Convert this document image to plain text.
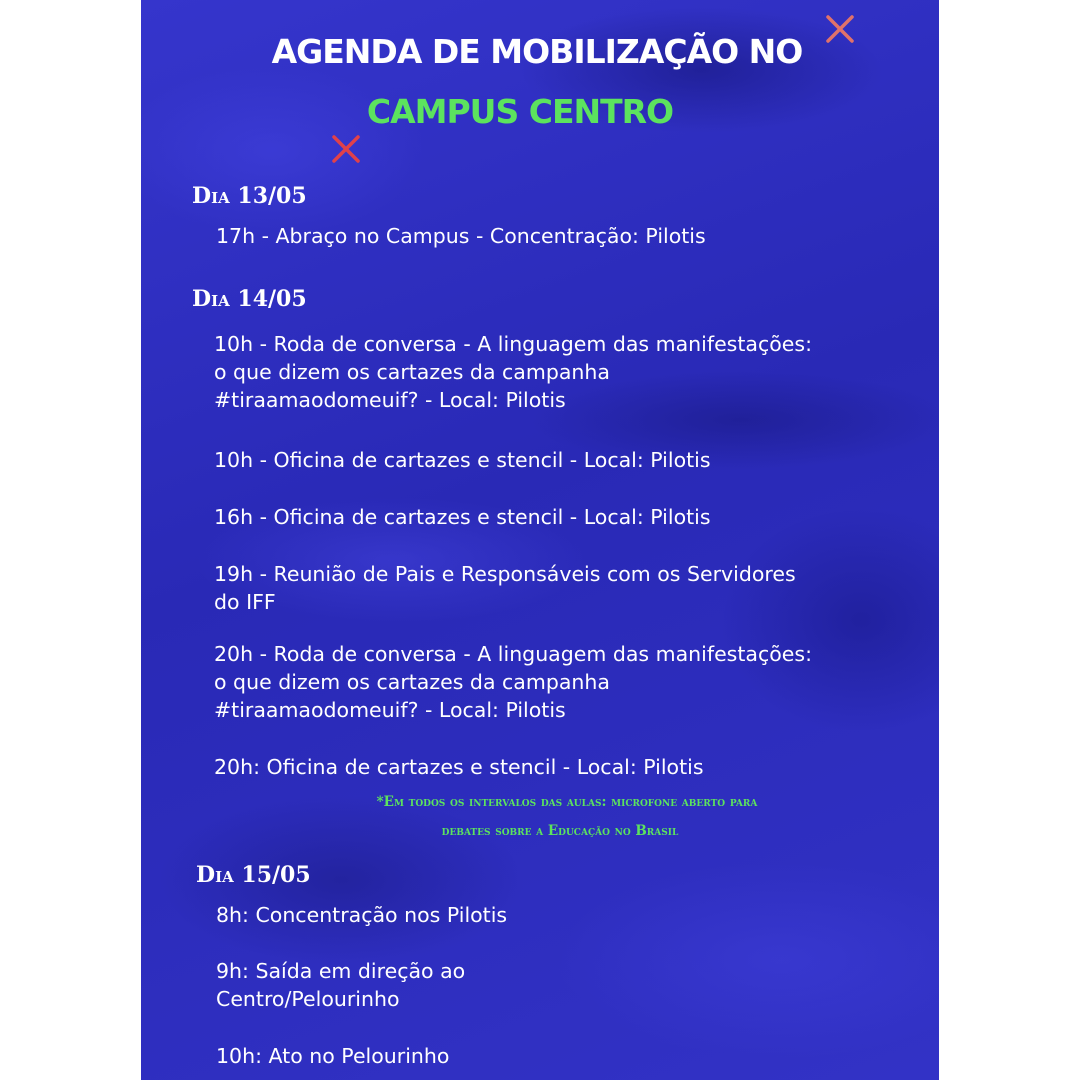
AGENDA DE MOBILIZAÇÃO NO
CAMPUS CENTRO
Dia 13/05

17h - Abraço no Campus - Concentração: Pilotis

Dia 14/05

10h - Roda de conversa - A linguagem das manifestações:
o que dizem os cartazes da campanha
#tiraamaodomeuif? - Local: Pilotis

10h - Oficina de cartazes e stencil - Local: Pilotis

16h - Oficina de cartazes e stencil - Local: Pilotis

19h - Reunião de Pais e Responsáveis com os Servidores
do IFF

20h - Roda de conversa - A linguagem das manifestações:
o que dizem os cartazes da campanha
#tiraamaodomeuif? - Local: Pilotis

20h: Oficina de cartazes e stencil - Local: Pilotis

*Em todos os intervalos das aulas: microfone aberto para

debates sobre a Educação no Brasil

Dia 15/05

8h: Concentração nos Pilotis

9h: Saída em direção ao
Centro/Pelourinho

10h: Ato no Pelourinho
